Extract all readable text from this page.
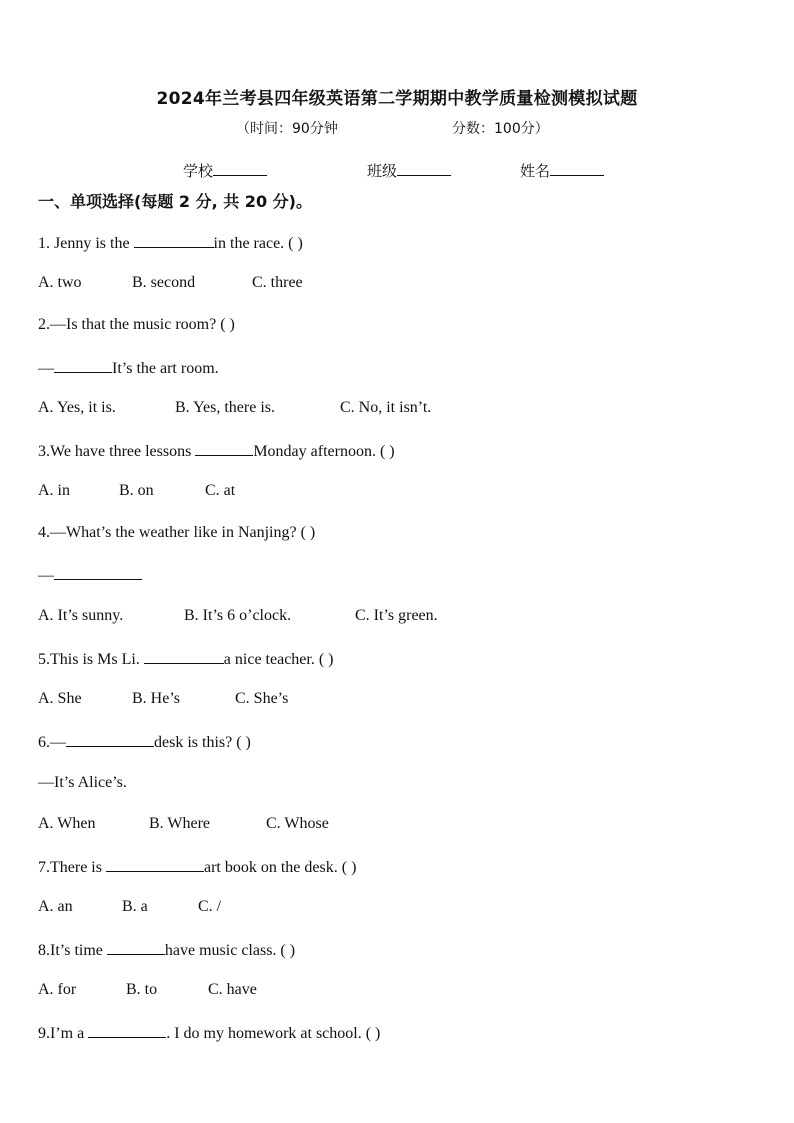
2024年兰考县四年级英语第二学期期中教学质量检测模拟试题
（时间：90分钟	分数：100分）
学校	班级	姓名
一、单项选择(每题 2 分, 共 20 分)。
1. Jenny is the	in the race. ( )
A. two	B. second	C. three
2.—Is that the music room? ( )
—	It’s the art room.
A. Yes, it is.	B. Yes, there is.	C. No, it isn’t.
3.We have three lessons	Monday afternoon. ( )
A. in	B. on	C. at
4.—What’s the weather like in Nanjing? ( )
—
A. It’s sunny.	B. It’s 6 o’clock.	C. It’s green.
5.This is Ms Li.	a nice teacher. ( )
A. She	B. He’s	C. She’s
6.—	desk is this? ( )
—It’s Alice’s.
A. When	B. Where	C. Whose
7.There is	art book on the desk. ( )
A. an	B. a	C. /
8.It’s time	have music class. ( )
A. for	B. to	C. have
9.I’m a	. I do my homework at school. ( )
